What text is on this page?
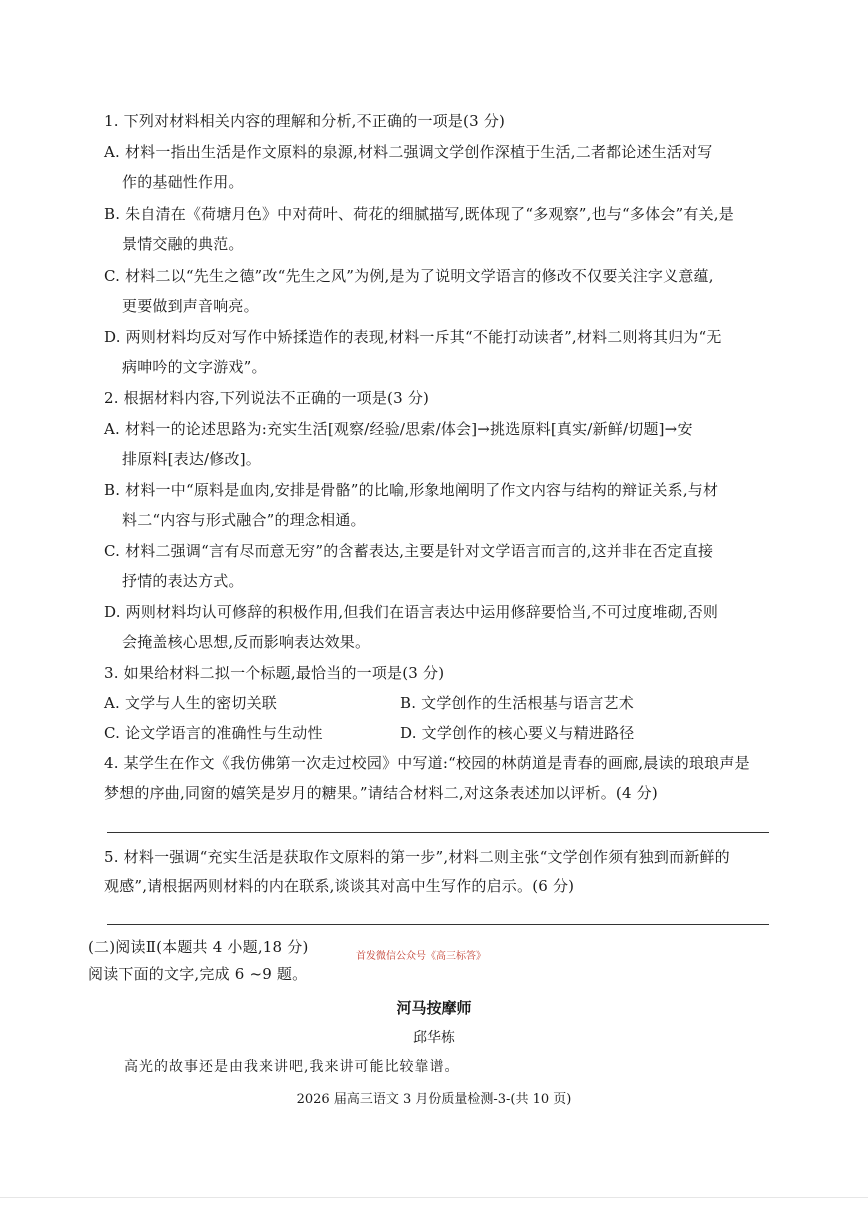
1. 下列对材料相关内容的理解和分析,不正确的一项是(3 分)
A. 材料一指出生活是作文原料的泉源,材料二强调文学创作深植于生活,二者都论述生活对写
作的基础性作用。
B. 朱自清在《荷塘月色》中对荷叶、荷花的细腻描写,既体现了“多观察”,也与“多体会”有关,是
景情交融的典范。
C. 材料二以“先生之德”改“先生之风”为例,是为了说明文学语言的修改不仅要关注字义意蕴,
更要做到声音响亮。
D. 两则材料均反对写作中矫揉造作的表现,材料一斥其“不能打动读者”,材料二则将其归为“无
病呻吟的文字游戏”。
2. 根据材料内容,下列说法不正确的一项是(3 分)
A. 材料一的论述思路为:充实生活[观察/经验/思索/体会]→挑选原料[真实/新鲜/切题]→安
排原料[表达/修改]。
B. 材料一中“原料是血肉,安排是骨骼”的比喻,形象地阐明了作文内容与结构的辩证关系,与材
料二“内容与形式融合”的理念相通。
C. 材料二强调“言有尽而意无穷”的含蓄表达,主要是针对文学语言而言的,这并非在否定直接
抒情的表达方式。
D. 两则材料均认可修辞的积极作用,但我们在语言表达中运用修辞要恰当,不可过度堆砌,否则
会掩盖核心思想,反而影响表达效果。
3. 如果给材料二拟一个标题,最恰当的一项是(3 分)
A. 文学与人生的密切关联	B. 文学创作的生活根基与语言艺术
C. 论文学语言的准确性与生动性	D. 文学创作的核心要义与精进路径
4. 某学生在作文《我仿佛第一次走过校园》中写道:“校园的林荫道是青春的画廊,晨读的琅琅声是
梦想的序曲,同窗的嬉笑是岁月的糖果。”请结合材料二,对这条表述加以评析。(4 分)
5. 材料一强调“充实生活是获取作文原料的第一步”,材料二则主张“文学创作须有独到而新鲜的
观感”,请根据两则材料的内在联系,谈谈其对高中生写作的启示。(6 分)
(二)阅读Ⅱ(本题共 4 小题,18 分)
首发微信公众号《高三标答》
阅读下面的文字,完成 6 ~9 题。
河马按摩师
邱华栋
高光的故事还是由我来讲吧,我来讲可能比较靠谱。
2026 届高三语文 3 月份质量检测-3-(共 10 页)
